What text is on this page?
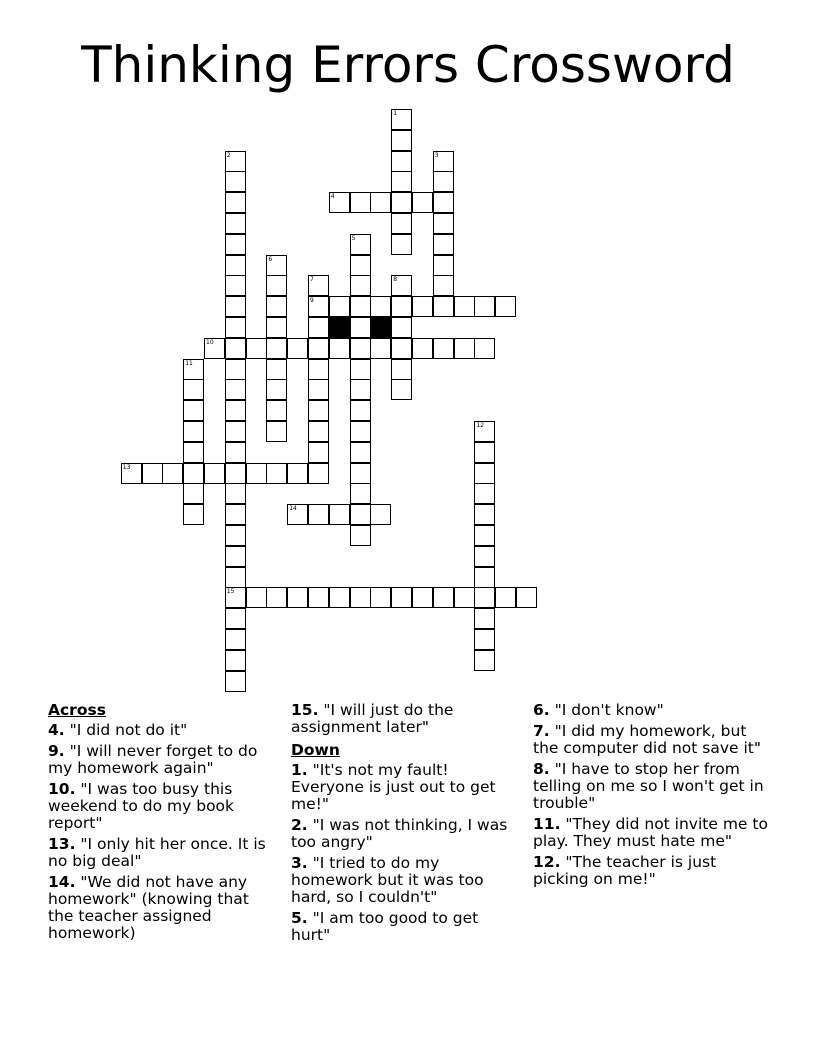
Thinking Errors Crossword
1
2
15
3
4
5
6
7
9
8
10
11
12
13
14
Across
4. "I did not do it"
9. "I will never forget to do my homework again"
10. "I was too busy this weekend to do my book report"
13. "I only hit her once. It is no big deal"
14. "We did not have any homework" (knowing that the teacher assigned homework)
15. "I will just do the assignment later"
Down
1. "It's not my fault! Everyone is just out to get me!"
2. "I was not thinking, I was too angry"
3. "I tried to do my homework but it was too hard, so I couldn't"
5. "I am too good to get hurt"
6. "I don't know"
7. "I did my homework, but the computer did not save it"
8. "I have to stop her from telling on me so I won't get in trouble"
11. "They did not invite me to play. They must hate me"
12. "The teacher is just picking on me!"
